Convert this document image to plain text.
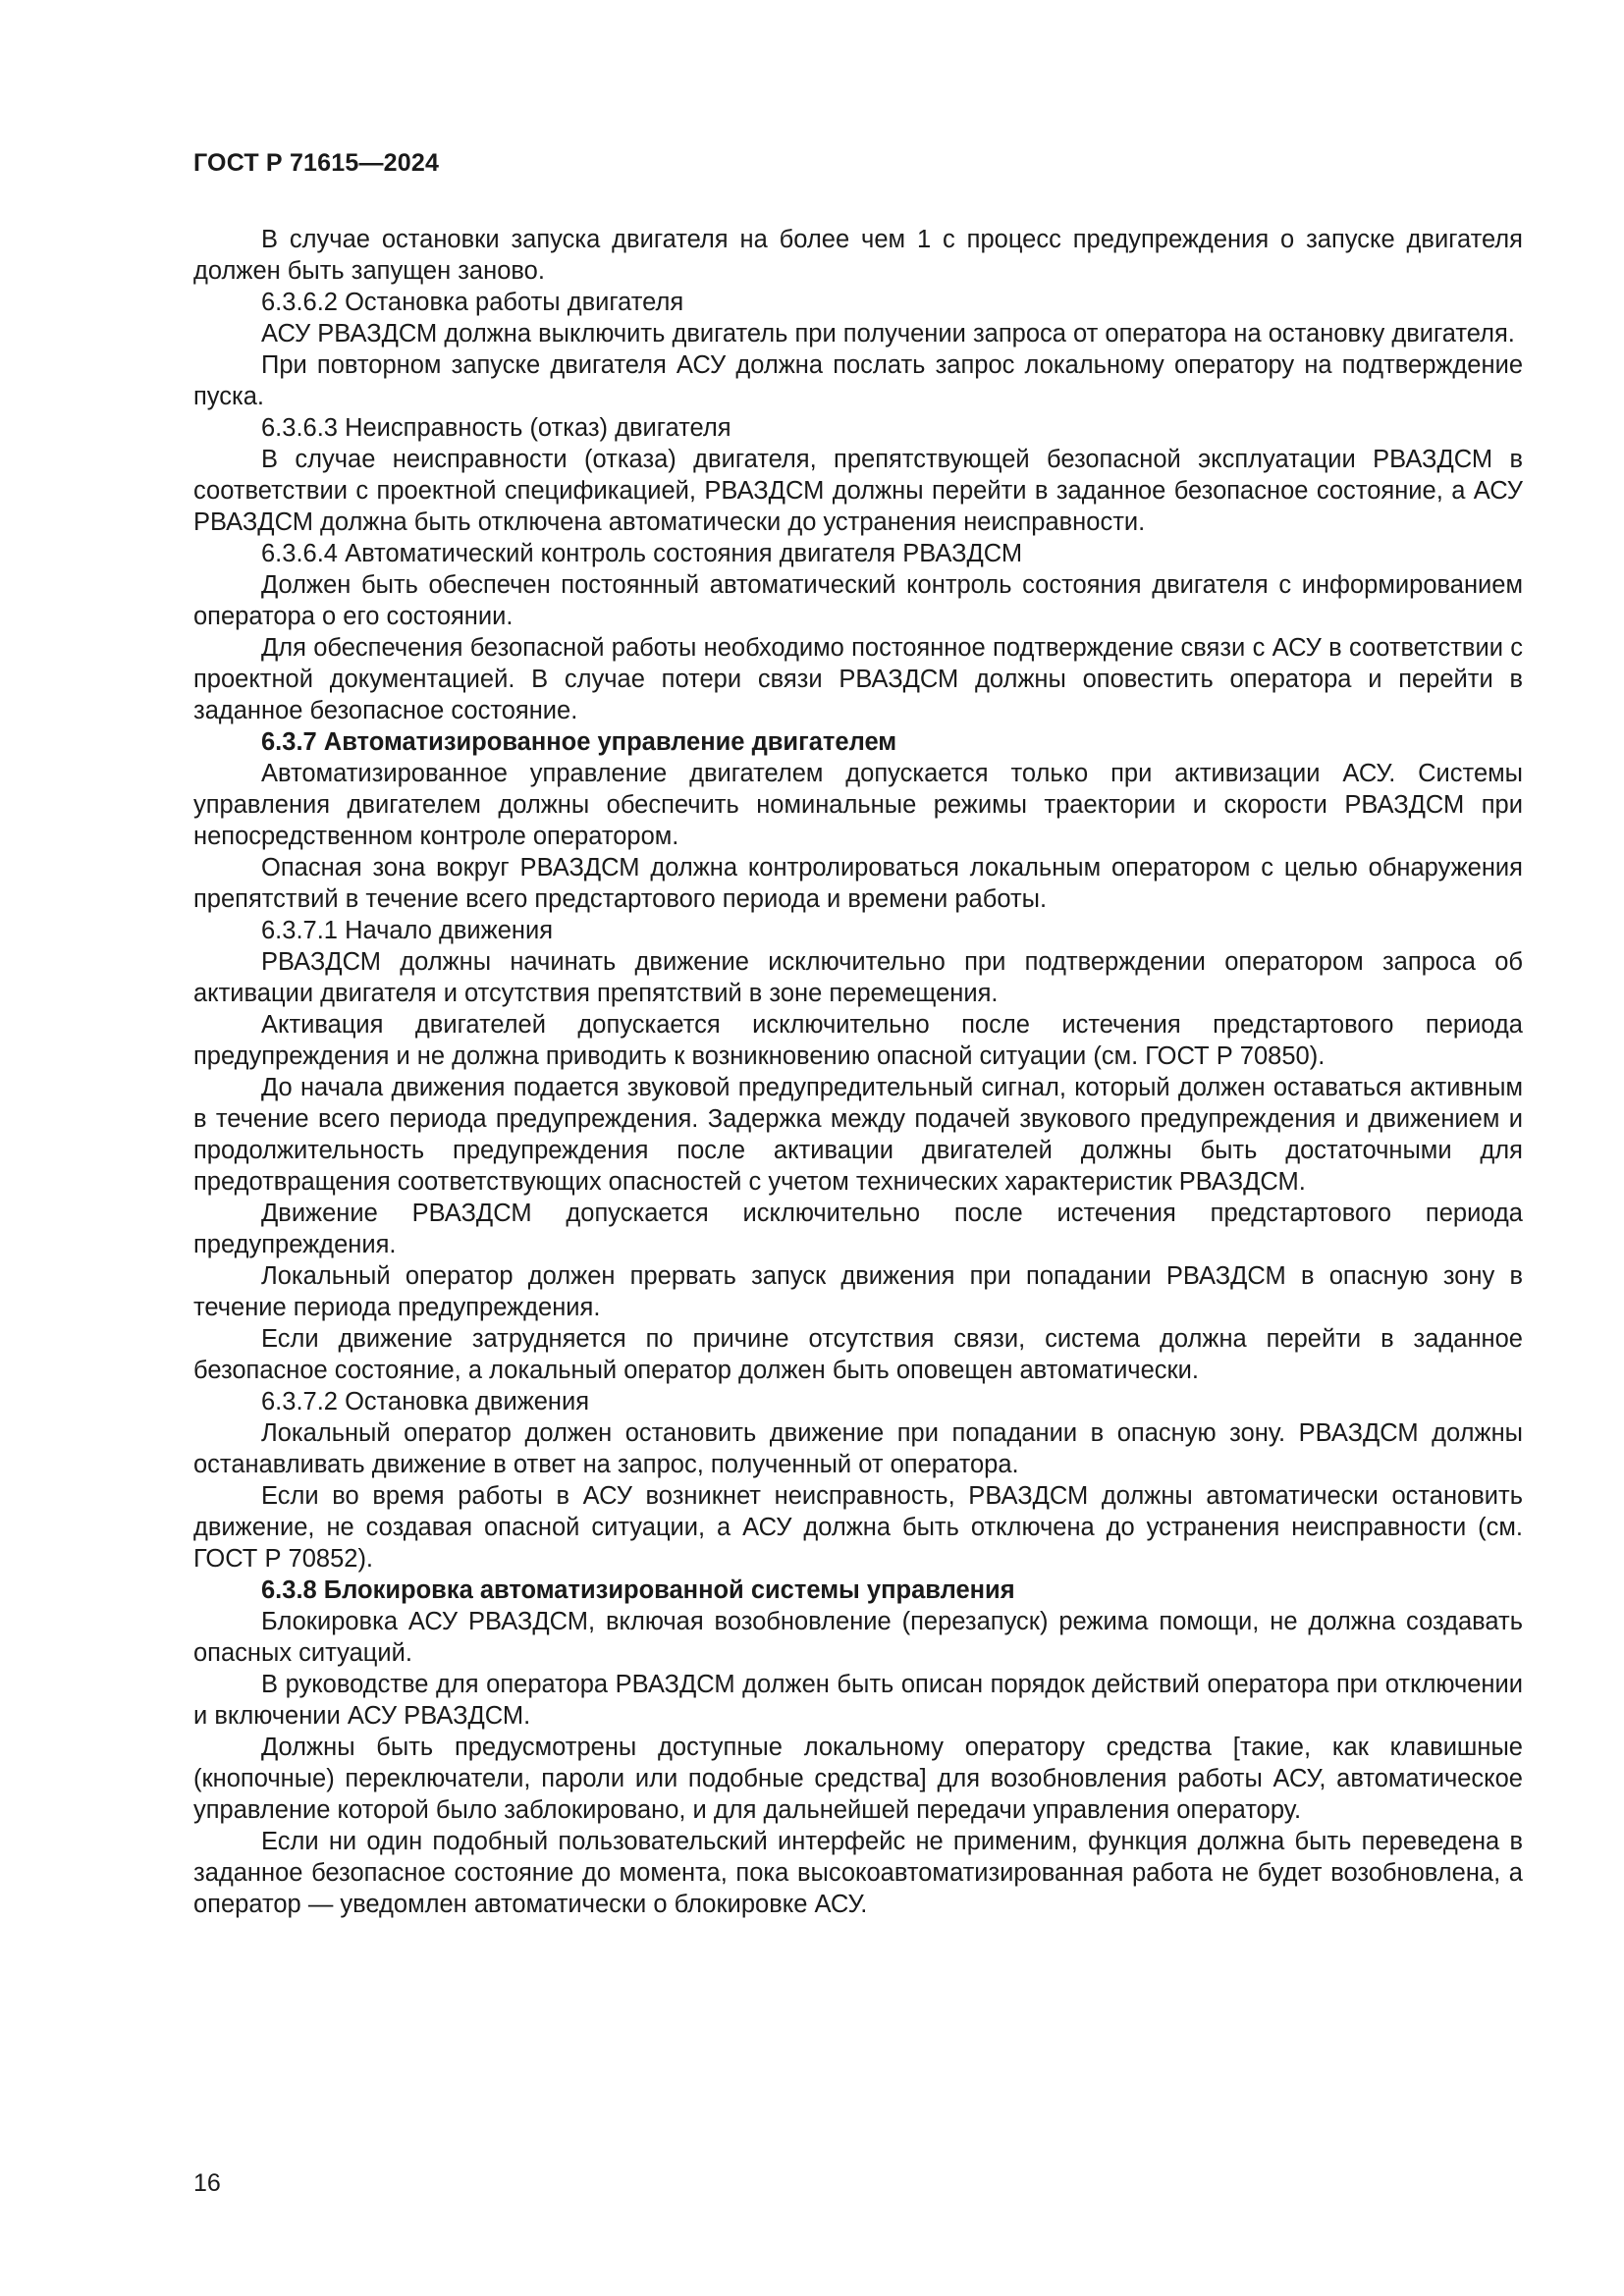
ГОСТ Р 71615—2024

В случае остановки запуска двигателя на более чем 1 с процесс предупреждения о запуске двигателя должен быть запущен заново.

6.3.6.2 Остановка работы двигателя

АСУ РВАЗДСМ должна выключить двигатель при получении запроса от оператора на остановку двигателя.

При повторном запуске двигателя АСУ должна послать запрос локальному оператору на подтверждение пуска.

6.3.6.3 Неисправность (отказ) двигателя

В случае неисправности (отказа) двигателя, препятствующей безопасной эксплуатации РВАЗДСМ в соответствии с проектной спецификацией, РВАЗДСМ должны перейти в заданное безопасное состояние, а АСУ РВАЗДСМ должна быть отключена автоматически до устранения неисправности.

6.3.6.4 Автоматический контроль состояния двигателя РВАЗДСМ

Должен быть обеспечен постоянный автоматический контроль состояния двигателя с информированием оператора о его состоянии.

Для обеспечения безопасной работы необходимо постоянное подтверждение связи с АСУ в соответствии с проектной документацией. В случае потери связи РВАЗДСМ должны оповестить оператора и перейти в заданное безопасное состояние.

6.3.7 Автоматизированное управление двигателем

Автоматизированное управление двигателем допускается только при активизации АСУ. Системы управления двигателем должны обеспечить номинальные режимы траектории и скорости РВАЗДСМ при непосредственном контроле оператором.

Опасная зона вокруг РВАЗДСМ должна контролироваться локальным оператором с целью обнаружения препятствий в течение всего предстартового периода и времени работы.

6.3.7.1 Начало движения

РВАЗДСМ должны начинать движение исключительно при подтверждении оператором запроса об активации двигателя и отсутствия препятствий в зоне перемещения.

Активация двигателей допускается исключительно после истечения предстартового периода предупреждения и не должна приводить к возникновению опасной ситуации (см. ГОСТ Р 70850).

До начала движения подается звуковой предупредительный сигнал, который должен оставаться активным в течение всего периода предупреждения. Задержка между подачей звукового предупреждения и движением и продолжительность предупреждения после активации двигателей должны быть достаточными для предотвращения соответствующих опасностей с учетом технических характеристик РВАЗДСМ.

Движение РВАЗДСМ допускается исключительно после истечения предстартового периода предупреждения.

Локальный оператор должен прервать запуск движения при попадании РВАЗДСМ в опасную зону в течение периода предупреждения.

Если движение затрудняется по причине отсутствия связи, система должна перейти в заданное безопасное состояние, а локальный оператор должен быть оповещен автоматически.

6.3.7.2 Остановка движения

Локальный оператор должен остановить движение при попадании в опасную зону. РВАЗДСМ должны останавливать движение в ответ на запрос, полученный от оператора.

Если во время работы в АСУ возникнет неисправность, РВАЗДСМ должны автоматически остановить движение, не создавая опасной ситуации, а АСУ должна быть отключена до устранения неисправности (см. ГОСТ Р 70852).

6.3.8 Блокировка автоматизированной системы управления

Блокировка АСУ РВАЗДСМ, включая возобновление (перезапуск) режима помощи, не должна создавать опасных ситуаций.

В руководстве для оператора РВАЗДСМ должен быть описан порядок действий оператора при отключении и включении АСУ РВАЗДСМ.

Должны быть предусмотрены доступные локальному оператору средства [такие, как клавишные (кнопочные) переключатели, пароли или подобные средства] для возобновления работы АСУ, автоматическое управление которой было заблокировано, и для дальнейшей передачи управления оператору.

Если ни один подобный пользовательский интерфейс не применим, функция должна быть переведена в заданное безопасное состояние до момента, пока высокоавтоматизированная работа не будет возобновлена, а оператор — уведомлен автоматически о блокировке АСУ.

16
